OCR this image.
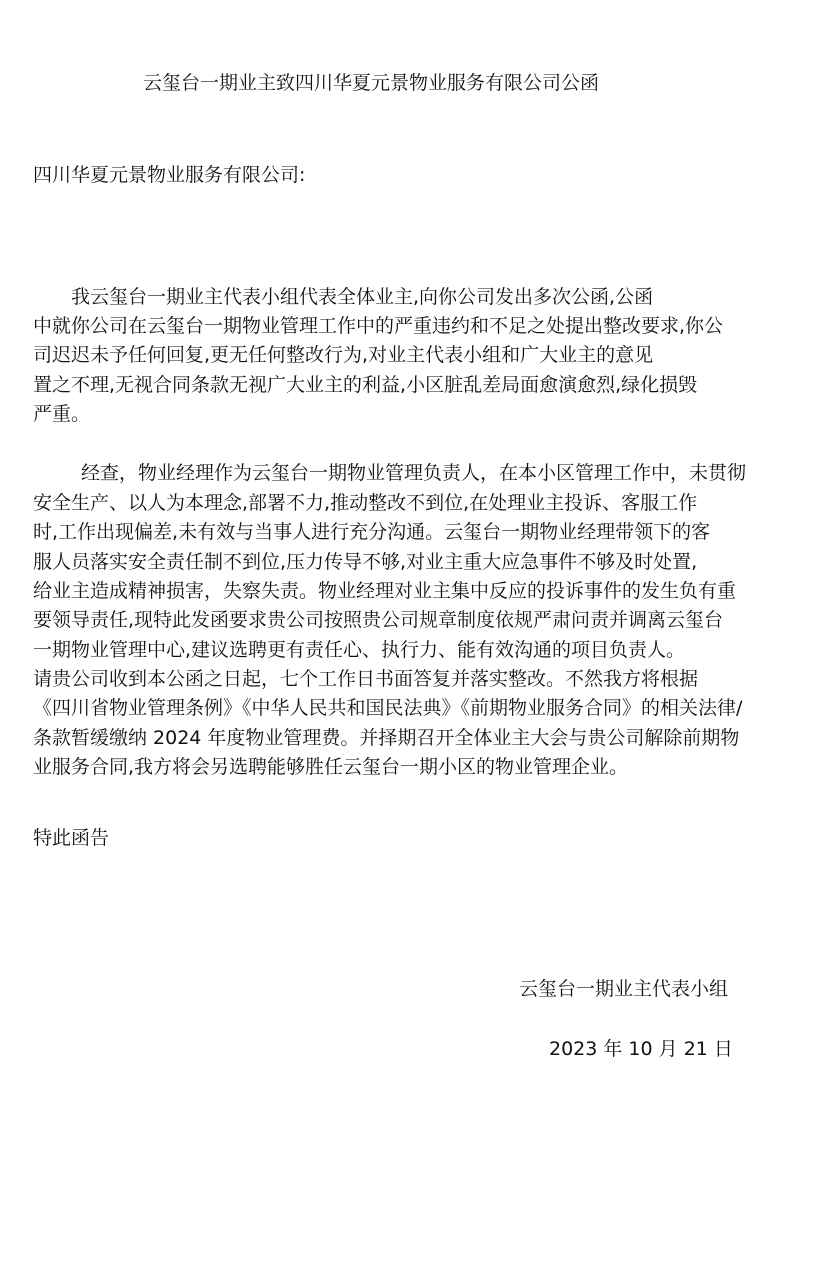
云玺台一期业主致四川华夏元景物业服务有限公司公函
四川华夏元景物业服务有限公司:
我云玺台一期业主代表小组代表全体业主,向你公司发出多次公函,公函
中就你公司在云玺台一期物业管理工作中的严重违约和不足之处提出整改要求,你公
司迟迟未予任何回复,更无任何整改行为,对业主代表小组和广大业主的意见
置之不理,无视合同条款无视广大业主的利益,小区脏乱差局面愈演愈烈,绿化损毁
严重。
经查，物业经理作为云玺台一期物业管理负责人，在本小区管理工作中，未贯彻
安全生产、以人为本理念,部署不力,推动整改不到位,在处理业主投诉、客服工作
时,工作出现偏差,未有效与当事人进行充分沟通。云玺台一期物业经理带领下的客
服人员落实安全责任制不到位,压力传导不够,对业主重大应急事件不够及时处置,
给业主造成精神损害，失察失责。物业经理对业主集中反应的投诉事件的发生负有重
要领导责任,现特此发函要求贵公司按照贵公司规章制度依规严肃问责并调离云玺台
一期物业管理中心,建议选聘更有责任心、执行力、能有效沟通的项目负责人。
请贵公司收到本公函之日起，七个工作日书面答复并落实整改。不然我方将根据
《四川省物业管理条例》《中华人民共和国民法典》《前期物业服务合同》的相关法律/
条款暂缓缴纳 2024 年度物业管理费。并择期召开全体业主大会与贵公司解除前期物
业服务合同,我方将会另选聘能够胜任云玺台一期小区的物业管理企业。
特此函告
云玺台一期业主代表小组
2023 年 10 月 21 日
